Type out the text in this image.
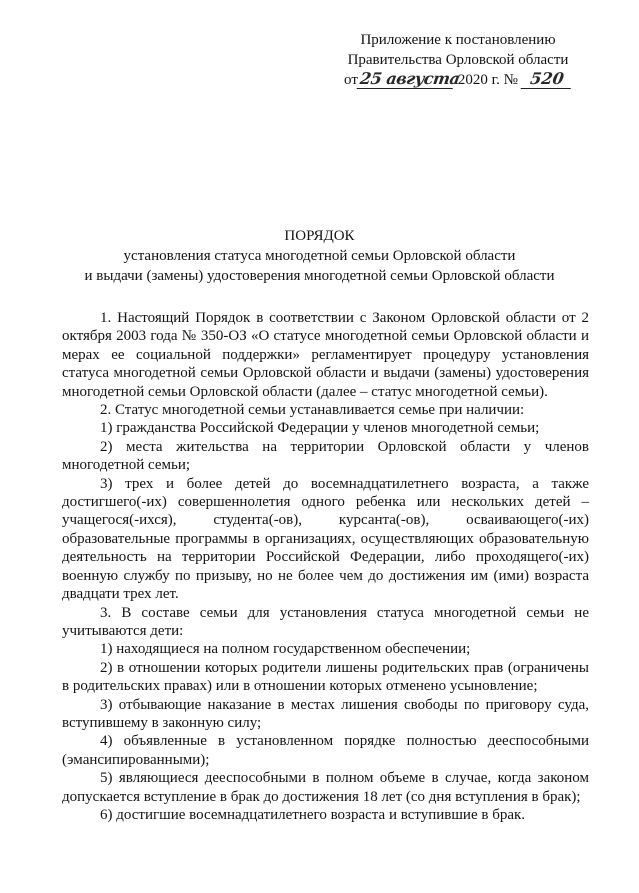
Приложение к постановлению
Правительства Орловской области
от 25 августа
2020 г. № 520
ПОРЯДОК
установления статуса многодетной семьи Орловской области
и выдачи (замены) удостоверения многодетной семьи Орловской области

1. Настоящий Порядок в соответствии с Законом Орловской области от 2 октября 2003 года № 350-ОЗ «О статусе многодетной семьи Орловской области и мерах ее социальной поддержки» регламентирует процедуру установления статуса многодетной семьи Орловской области и выдачи (замены) удостоверения многодетной семьи Орловской области (далее – статус многодетной семьи).

2. Статус многодетной семьи устанавливается семье при наличии:

1) гражданства Российской Федерации у членов многодетной семьи;

2) места жительства на территории Орловской области у членов многодетной семьи;

3) трех и более детей до восемнадцатилетнего возраста, а также достигшего(-их) совершеннолетия одного ребенка или нескольких детей – учащегося(-ихся), студента(-ов), курсанта(-ов), осваивающего(-их) образовательные программы в организациях, осуществляющих образовательную деятельность на территории Российской Федерации, либо проходящего(-их) военную службу по призыву, но не более чем до достижения им (ими) возраста двадцати трех лет.

3. В составе семьи для установления статуса многодетной семьи не учитываются дети:

1) находящиеся на полном государственном обеспечении;

2) в отношении которых родители лишены родительских прав (ограничены в родительских правах) или в отношении которых отменено усыновление;

3) отбывающие наказание в местах лишения свободы по приговору суда, вступившему в законную силу;

4) объявленные в установленном порядке полностью дееспособными (эмансипированными);

5) являющиеся дееспособными в полном объеме в случае, когда законом допускается вступление в брак до достижения 18 лет (со дня вступления в брак);

6) достигшие восемнадцатилетнего возраста и вступившие в брак.
